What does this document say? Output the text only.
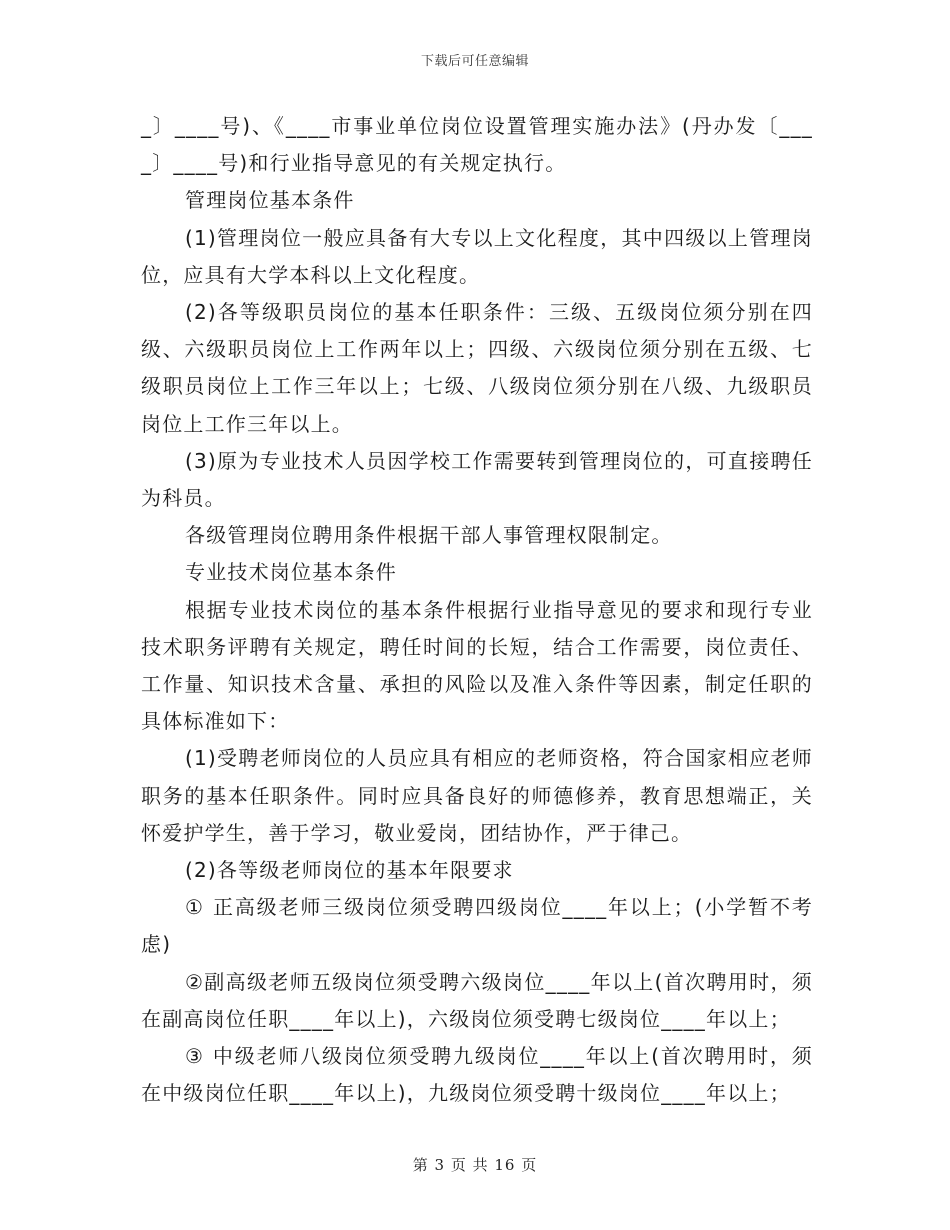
下载后可任意编辑

_〕____号)、《____市事业单位岗位设置管理实施办法》(丹办发〔____〕____号)和行业指导意见的有关规定执行。

管理岗位基本条件

(1)管理岗位一般应具备有大专以上文化程度，其中四级以上管理岗位，应具有大学本科以上文化程度。

(2)各等级职员岗位的基本任职条件：三级、五级岗位须分别在四级、六级职员岗位上工作两年以上；四级、六级岗位须分别在五级、七级职员岗位上工作三年以上；七级、八级岗位须分别在八级、九级职员岗位上工作三年以上。

(3)原为专业技术人员因学校工作需要转到管理岗位的，可直接聘任为科员。

各级管理岗位聘用条件根据干部人事管理权限制定。

专业技术岗位基本条件

根据专业技术岗位的基本条件根据行业指导意见的要求和现行专业技术职务评聘有关规定，聘任时间的长短，结合工作需要，岗位责任、工作量、知识技术含量、承担的风险以及准入条件等因素，制定任职的具体标准如下：

(1)受聘老师岗位的人员应具有相应的老师资格，符合国家相应老师职务的基本任职条件。同时应具备良好的师德修养，教育思想端正，关怀爱护学生，善于学习，敬业爱岗，团结协作，严于律己。

(2)各等级老师岗位的基本年限要求

① 正高级老师三级岗位须受聘四级岗位____年以上；(小学暂不考虑)

②副高级老师五级岗位须受聘六级岗位____年以上(首次聘用时，须在副高岗位任职____年以上)，六级岗位须受聘七级岗位____年以上；

③ 中级老师八级岗位须受聘九级岗位____年以上(首次聘用时，须在中级岗位任职____年以上)，九级岗位须受聘十级岗位____年以上；

第 3 页 共 16 页
